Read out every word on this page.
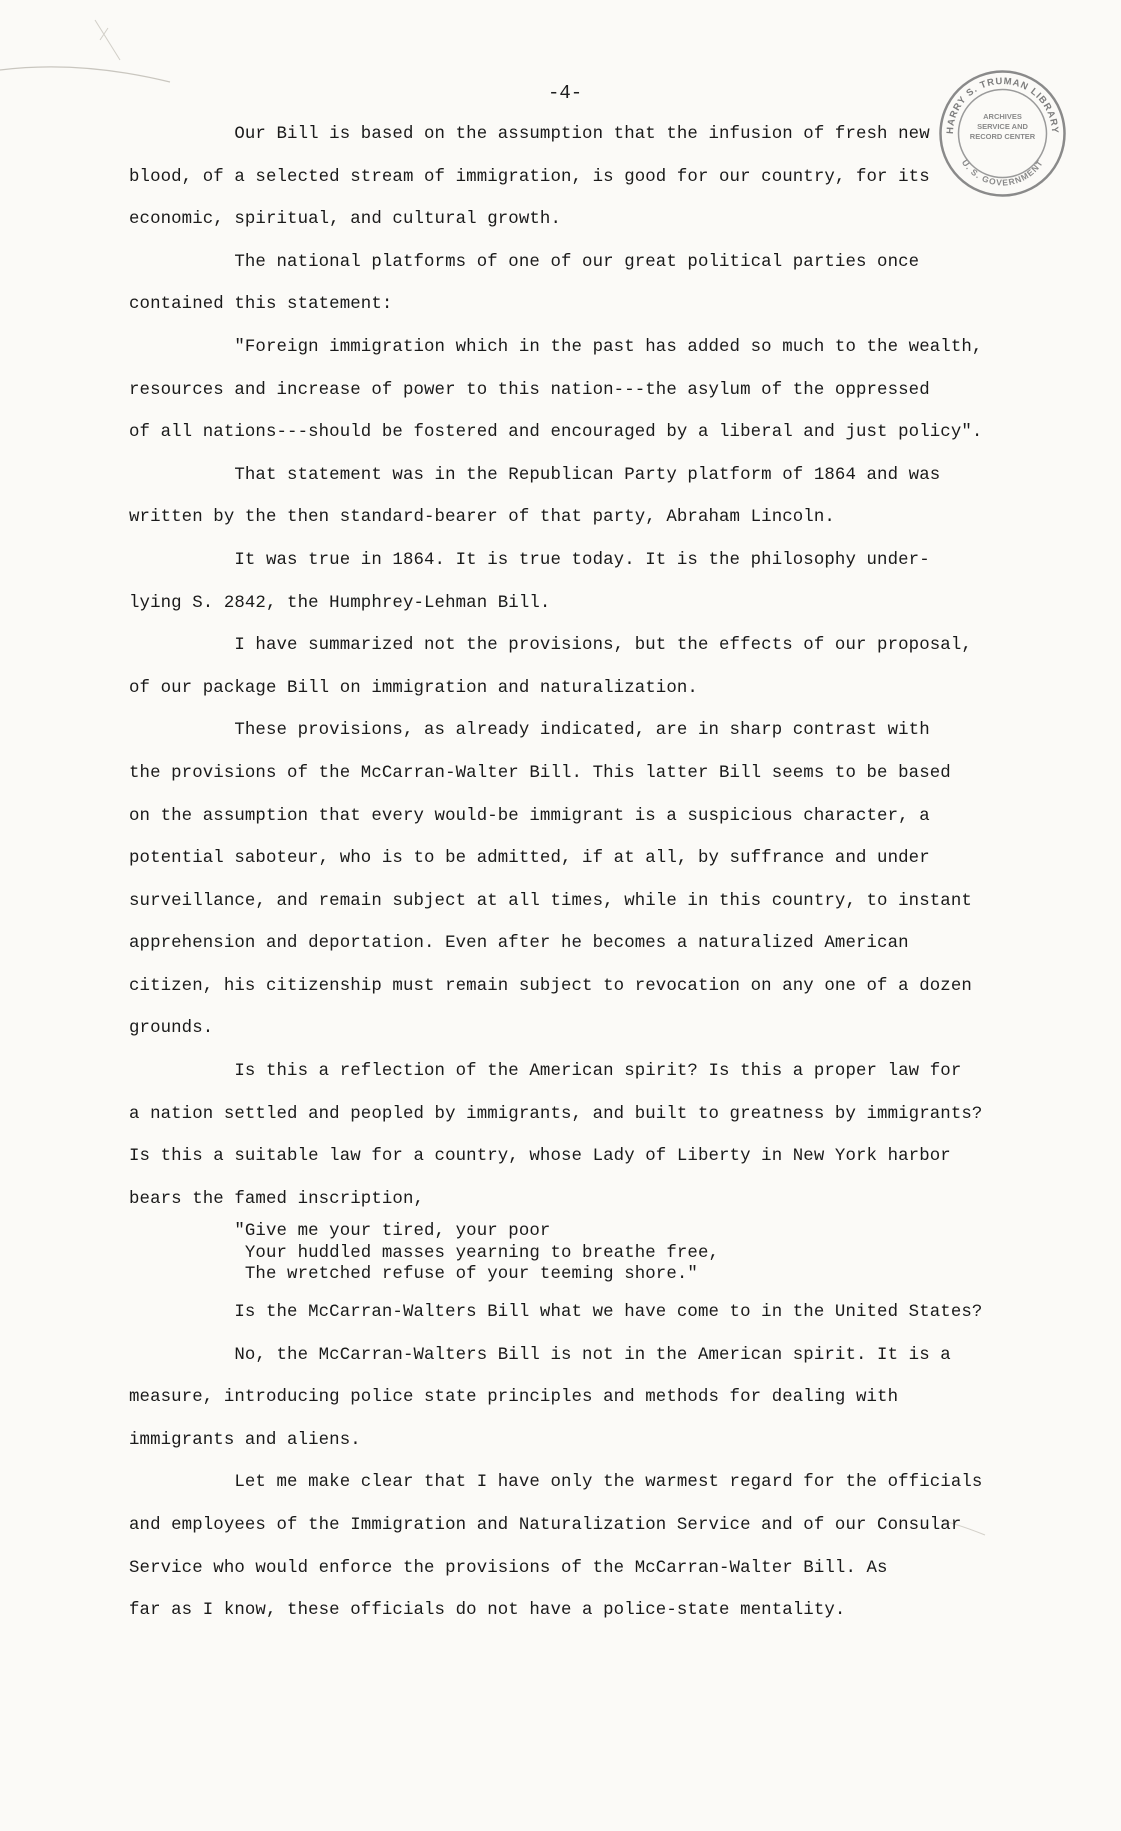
HARRY S. TRUMAN LIBRARY
U. S. GOVERNMENT
ARCHIVES SERVICE AND RECORD CENTER
-4-
Our Bill is based on the assumption that the infusion of fresh new
blood, of a selected stream of immigration, is good for our country, for its
economic, spiritual, and cultural growth.
The national platforms of one of our great political parties once
contained this statement:
"Foreign immigration which in the past has added so much to the wealth,
resources and increase of power to this nation---the asylum of the oppressed
of all nations---should be fostered and encouraged by a liberal and just policy".
That statement was in the Republican Party platform of 1864 and was
written by the then standard-bearer of that party, Abraham Lincoln.
It was true in 1864. It is true today. It is the philosophy under-
lying S. 2842, the Humphrey-Lehman Bill.
I have summarized not the provisions, but the effects of our proposal,
of our package Bill on immigration and naturalization.
These provisions, as already indicated, are in sharp contrast with
the provisions of the McCarran-Walter Bill. This latter Bill seems to be based
on the assumption that every would-be immigrant is a suspicious character, a
potential saboteur, who is to be admitted, if at all, by suffrance and under
surveillance, and remain subject at all times, while in this country, to instant
apprehension and deportation. Even after he becomes a naturalized American
citizen, his citizenship must remain subject to revocation on any one of a dozen
grounds.
Is this a reflection of the American spirit? Is this a proper law for
a nation settled and peopled by immigrants, and built to greatness by immigrants?
Is this a suitable law for a country, whose Lady of Liberty in New York harbor
bears the famed inscription,
"Give me your tired, your poor
Your huddled masses yearning to breathe free,
The wretched refuse of your teeming shore."
Is the McCarran-Walters Bill what we have come to in the United States?
No, the McCarran-Walters Bill is not in the American spirit. It is a
measure, introducing police state principles and methods for dealing with
immigrants and aliens.
Let me make clear that I have only the warmest regard for the officials
and employees of the Immigration and Naturalization Service and of our Consular
Service who would enforce the provisions of the McCarran-Walter Bill. As
far as I know, these officials do not have a police-state mentality.
